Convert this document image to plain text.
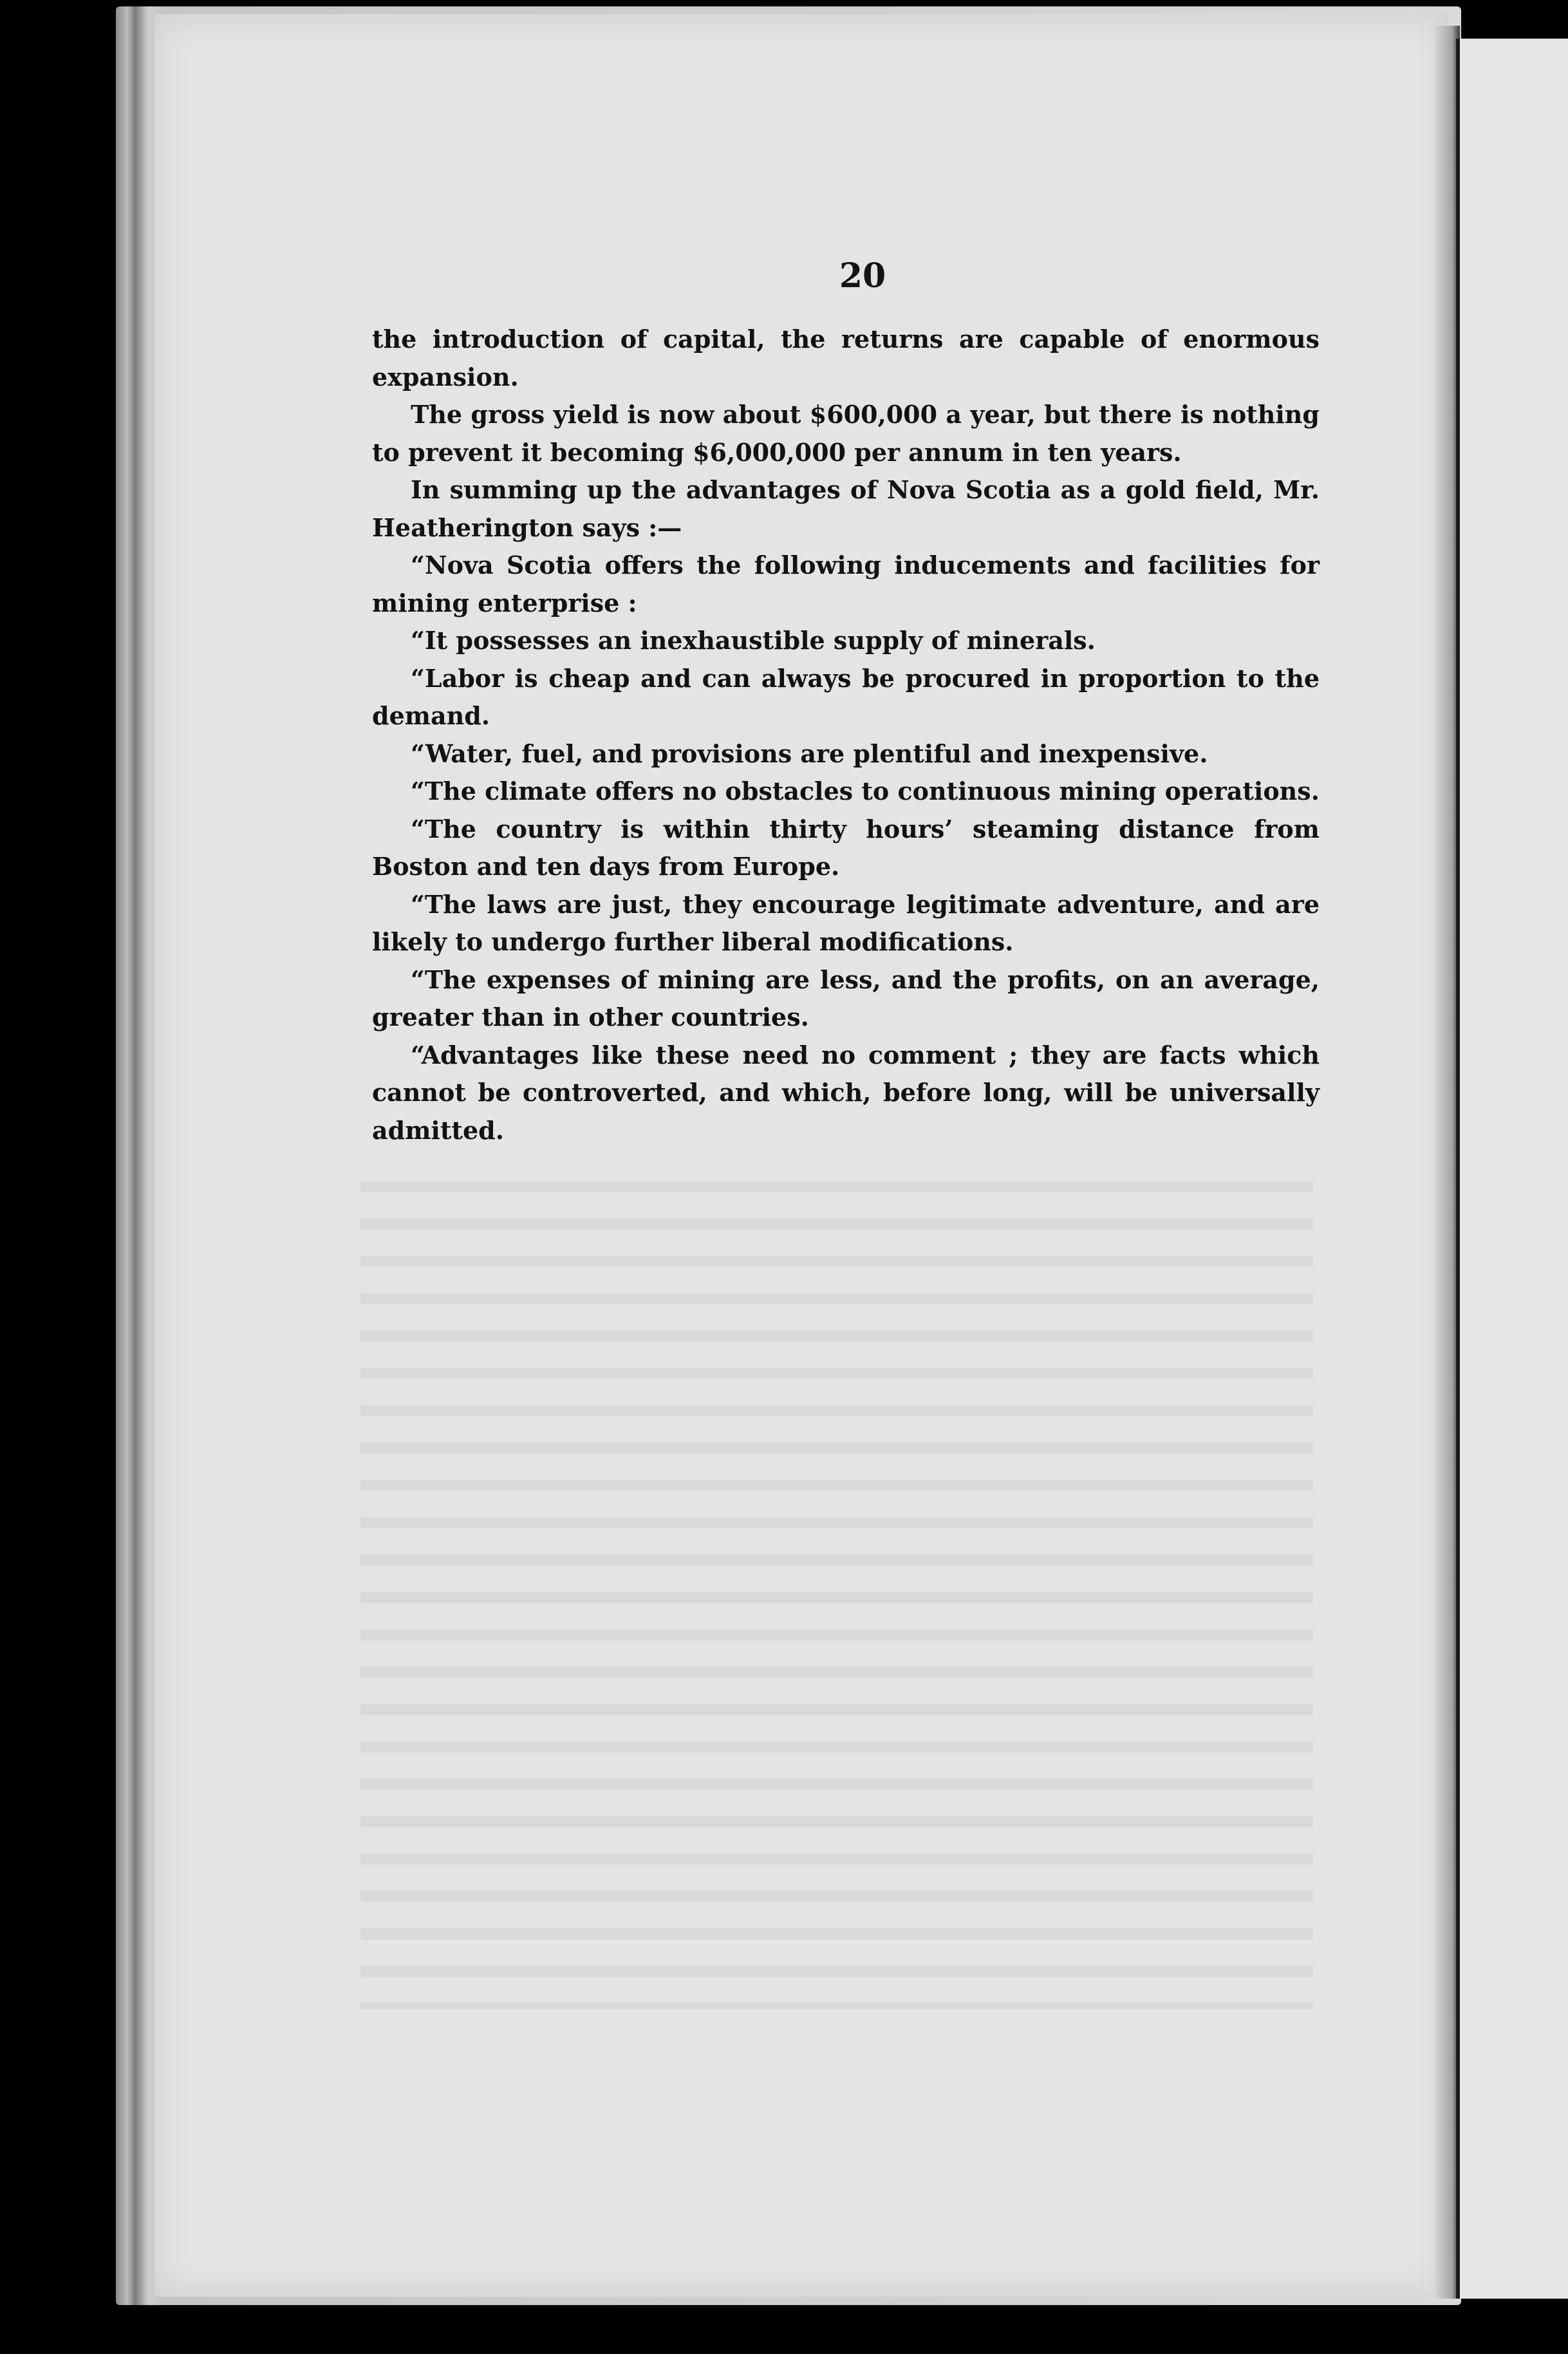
20

the introduction of capital, the returns are capable of enormous expansion.

The gross yield is now about $600,000 a year, but there is nothing to prevent it becoming $6,000,000 per annum in ten years.

In summing up the advantages of Nova Scotia as a gold field, Mr. Heatherington says :—

“Nova Scotia offers the following inducements and facilities for mining enterprise :

“It possesses an inexhaustible supply of minerals.

“Labor is cheap and can always be procured in proportion to the demand.

“Water, fuel, and provisions are plentiful and inexpensive.

“The climate offers no obstacles to continuous mining operations.

“The country is within thirty hours’ steaming distance from Boston and ten days from Europe.

“The laws are just, they encourage legitimate adventure, and are likely to undergo further liberal modifications.

“The expenses of mining are less, and the profits, on an average, greater than in other countries.

“Advantages like these need no comment ; they are facts which cannot be controverted, and which, before long, will be universally admitted.
